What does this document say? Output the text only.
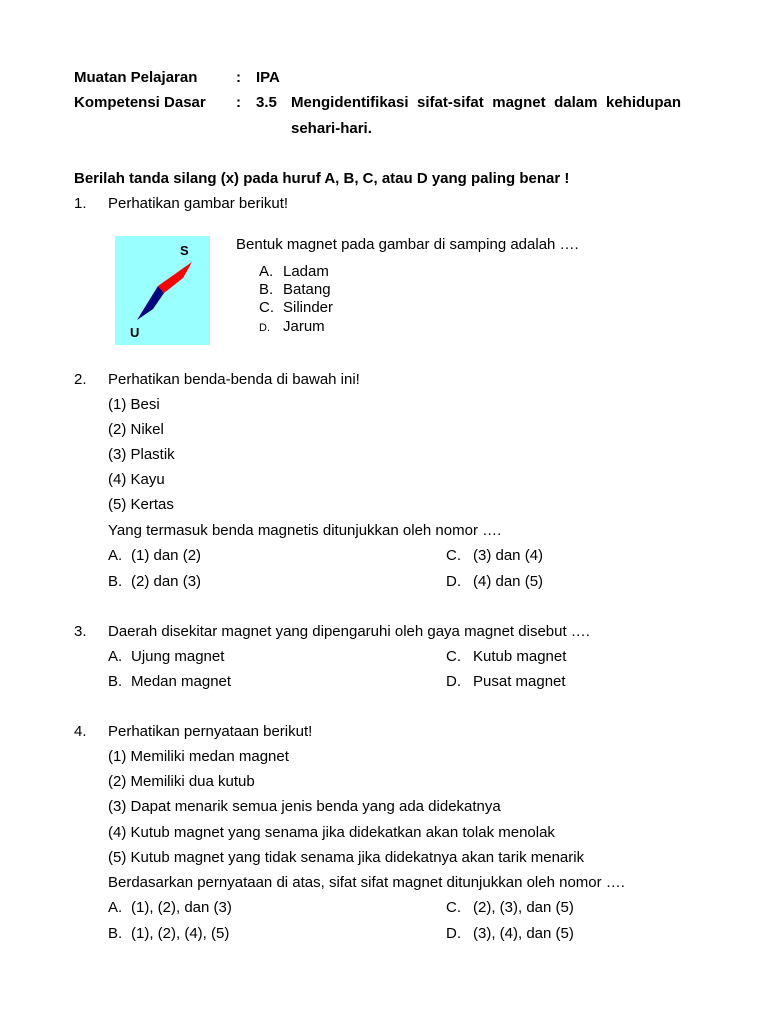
Muatan Pelajaran	: IPA
Kompetensi Dasar : 3.5 Mengidentifikasi sifat-sifat magnet dalam kehidupan
sehari-hari.
Berilah tanda silang (x) pada huruf A, B, C, atau D yang paling benar !
1. Perhatikan gambar berikut!
S
U
Bentuk magnet pada gambar di samping adalah ….
A. Ladam
B. Batang
C. Silinder
D. Jarum
2. Perhatikan benda-benda di bawah ini!
(1) Besi
(2) Nikel
(3) Plastik
(4) Kayu
(5) Kertas
Yang termasuk benda magnetis ditunjukkan oleh nomor ….
A. (1) dan (2)	C. (3) dan (4)
B. (2) dan (3)	D. (4) dan (5)
3. Daerah disekitar magnet yang dipengaruhi oleh gaya magnet disebut ….
A. Ujung magnet	C. Kutub magnet
B. Medan magnet	D. Pusat magnet
4. Perhatikan pernyataan berikut!
(1) Memiliki medan magnet
(2) Memiliki dua kutub
(3) Dapat menarik semua jenis benda yang ada didekatnya
(4) Kutub magnet yang senama jika didekatkan akan tolak menolak
(5) Kutub magnet yang tidak senama jika didekatnya akan tarik menarik
Berdasarkan pernyataan di atas, sifat sifat magnet ditunjukkan oleh nomor ….
A. (1), (2), dan (3)	C. (2), (3), dan (5)
B. (1), (2), (4), (5)	D. (3), (4), dan (5)
